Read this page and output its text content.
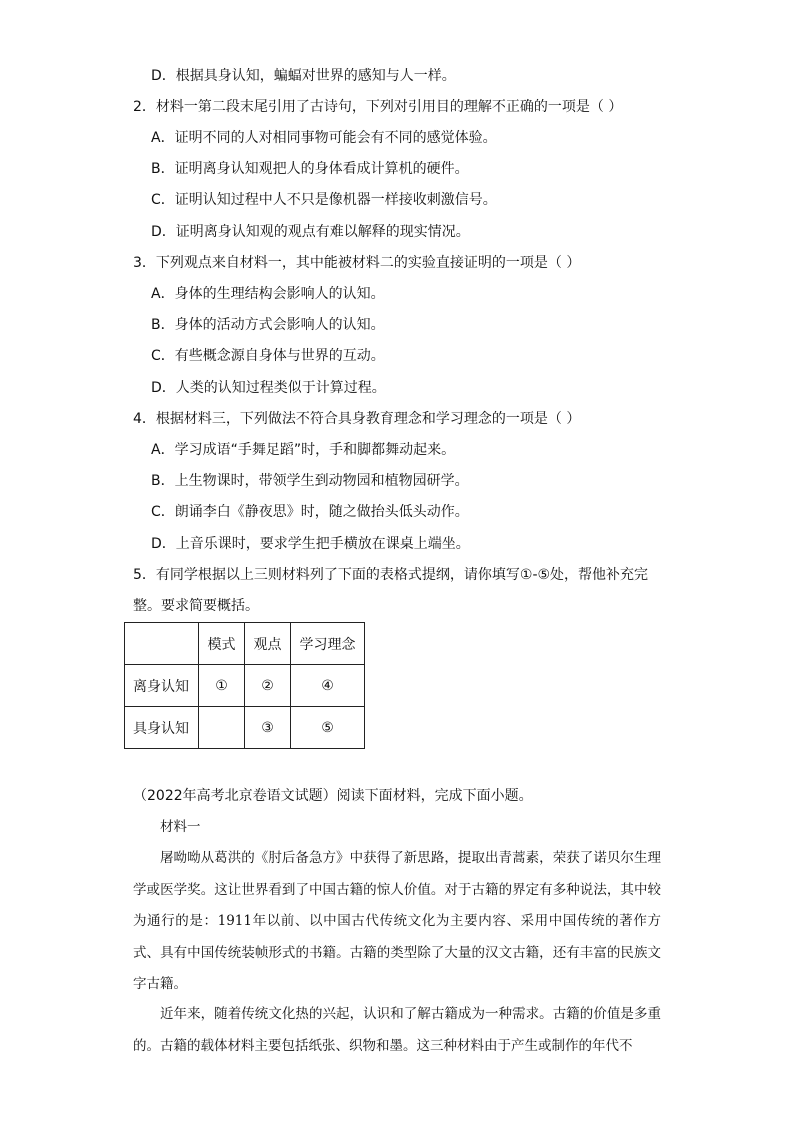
D．根据具身认知，蝙蝠对世界的感知与人一样。
2．材料一第二段末尾引用了古诗句，下列对引用目的理解不正确的一项是（ ）
A．证明不同的人对相同事物可能会有不同的感觉体验。
B．证明离身认知观把人的身体看成计算机的硬件。
C．证明认知过程中人不只是像机器一样接收刺激信号。
D．证明离身认知观的观点有难以解释的现实情况。
3．下列观点来自材料一，其中能被材料二的实验直接证明的一项是（ ）
A．身体的生理结构会影响人的认知。
B．身体的活动方式会影响人的认知。
C．有些概念源自身体与世界的互动。
D．人类的认知过程类似于计算过程。
4．根据材料三，下列做法不符合具身教育理念和学习理念的一项是（ ）
A．学习成语“手舞足蹈”时，手和脚都舞动起来。
B．上生物课时，带领学生到动物园和植物园研学。
C．朗诵李白《静夜思》时，随之做抬头低头动作。
D．上音乐课时，要求学生把手横放在课桌上端坐。
5．有同学根据以上三则材料列了下面的表格式提纲，请你填写①-⑤处，帮他补充完
整。要求简要概括。
	模式	观点	学习理念
离身认知	①	②	④
具身认知		③	⑤
（2022年高考北京卷语文试题）阅读下面材料，完成下面小题。
材料一
屠呦呦从葛洪的《肘后备急方》中获得了新思路，提取出青蒿素，荣获了诺贝尔生理学或医学奖。这让世界看到了中国古籍的惊人价值。对于古籍的界定有多种说法，其中较为通行的是：1911年以前、以中国古代传统文化为主要内容、采用中国传统的著作方式、具有中国传统装帧形式的书籍。古籍的类型除了大量的汉文古籍，还有丰富的民族文字古籍。
近年来，随着传统文化热的兴起，认识和了解古籍成为一种需求。古籍的价值是多重的。古籍的载体材料主要包括纸张、织物和墨。这三种材料由于产生或制作的年代不
